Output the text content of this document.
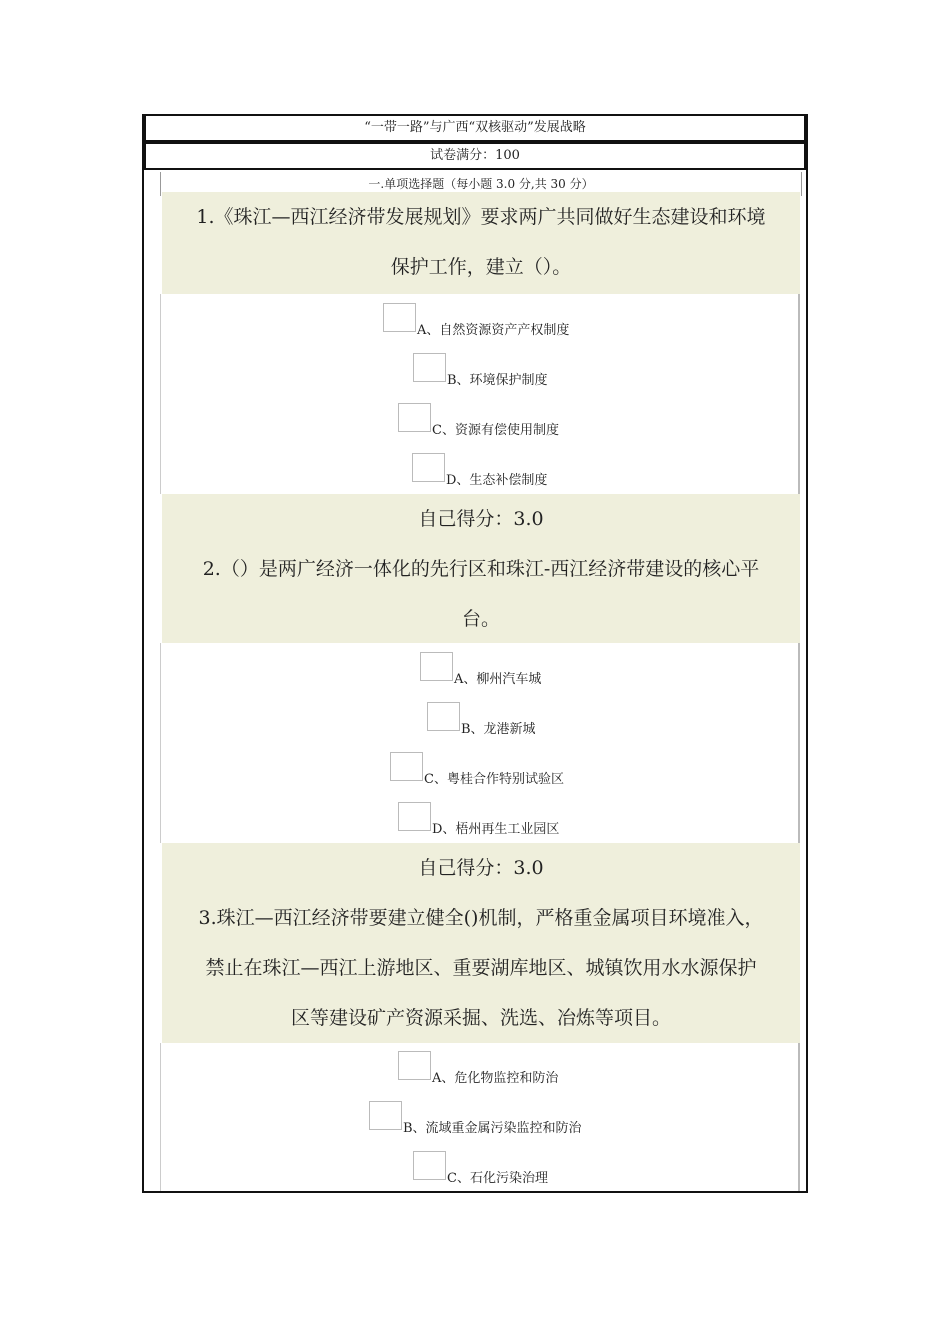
“一带一路”与广西“双核驱动”发展战略
试卷满分：100
一.单项选择题（每小题 3.0 分,共 30 分）
1.《珠江—西江经济带发展规划》要求两广共同做好生态建设和环境
保护工作，建立（）。
A、自然资源资产产权制度
B、环境保护制度
C、资源有偿使用制度
D、生态补偿制度
自己得分：3.0
2.（）是两广经济一体化的先行区和珠江-西江经济带建设的核心平
台。
A、柳州汽车城
B、龙港新城
C、粤桂合作特别试验区
D、梧州再生工业园区
自己得分：3.0
3.珠江—西江经济带要建立健全()机制，严格重金属项目环境准入，
禁止在珠江—西江上游地区、重要湖库地区、城镇饮用水水源保护
区等建设矿产资源采掘、洗选、冶炼等项目。
A、危化物监控和防治
B、流域重金属污染监控和防治
C、石化污染治理
